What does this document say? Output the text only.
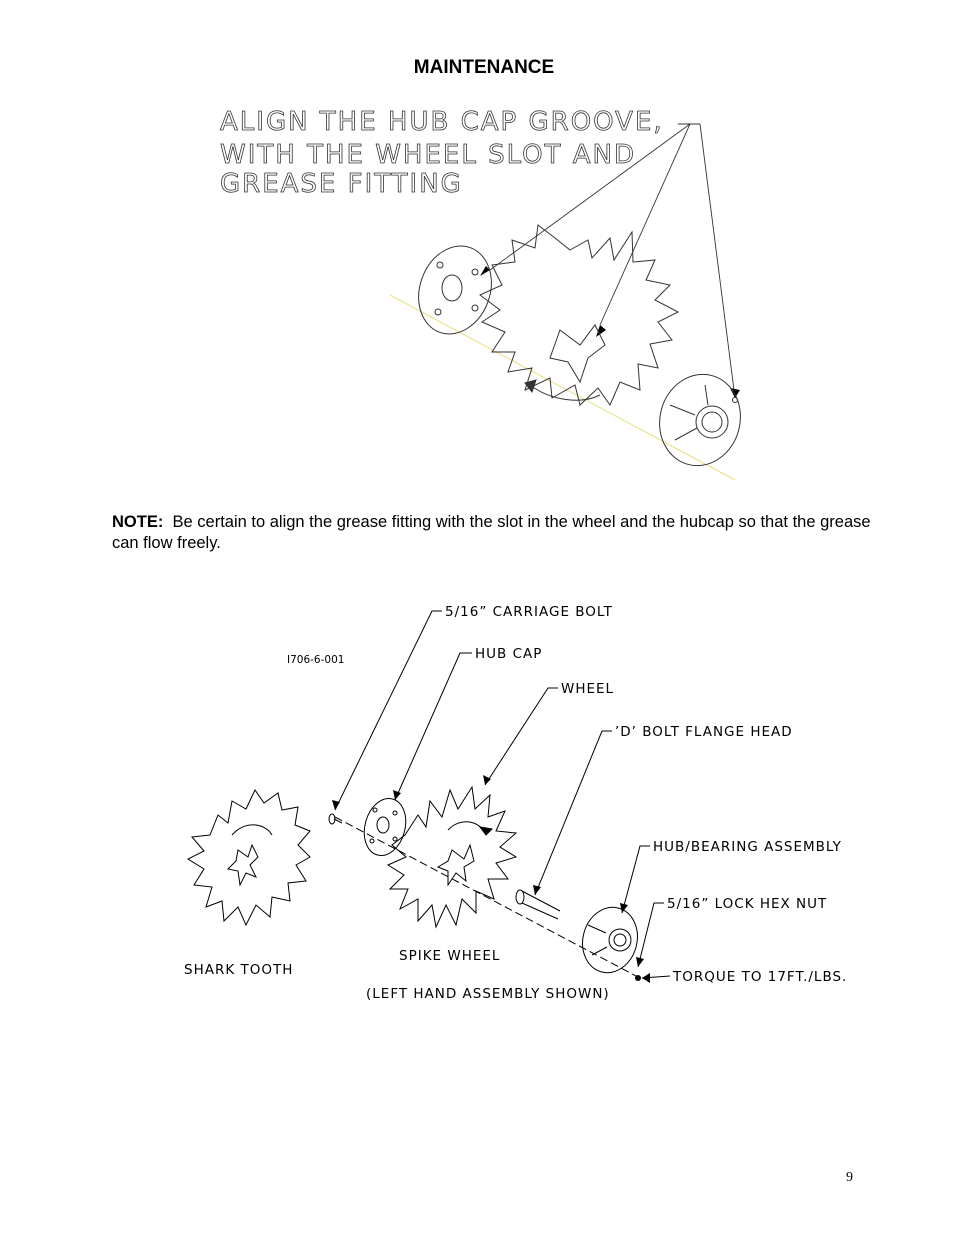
MAINTENANCE
ALIGN THE HUB CAP GROOVE,
WITH THE WHEEL SLOT AND
GREASE FITTING
NOTE: Be certain to align the grease fitting with the slot in the wheel and the hubcap so that the grease can flow freely.
5/16” CARRIAGE BOLT
I706-6-001	HUB CAP
WHEEL
’D’ BOLT FLANGE HEAD
HUB/BEARING ASSEMBLY
5/16” LOCK HEX NUT
TORQUE TO 17FT./LBS.
SHARK TOOTH
SPIKE WHEEL
(LEFT HAND ASSEMBLY SHOWN)
9
